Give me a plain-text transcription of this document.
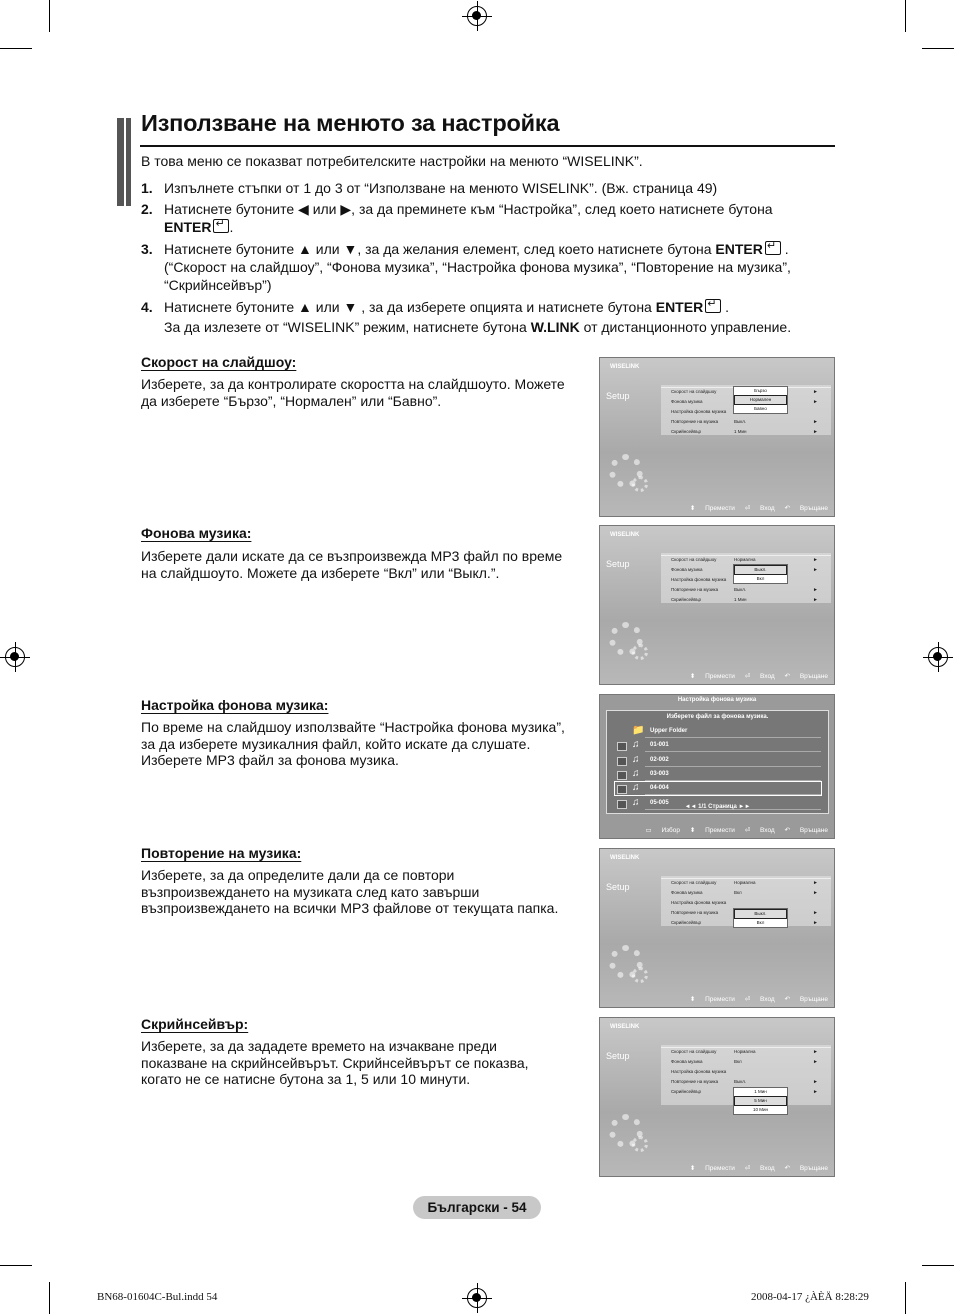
Използване на менюто за настройка
В това меню се показват потребителските настройки на менюто “WISELINK”.
1. Изпълнете стъпки от 1 до 3 от “Използване на менюто WISELINK”. (Вж. страница 49)
2. Натиснете бутоните ◀ или ▶, за да преминете към “Настройка”, след което натиснете бутона
ENTER ↵ .
3. Натиснете бутоните ▲ или ▼, за да желания елемент, след което натиснете бутона ENTER ↵ .
(“Скорост на слайдшоу”, “Фонова музика”, “Настройка фонова музика”, “Повторение на музика”,
“Скрийнсейвър”)
4. Натиснете бутоните ▲ или ▼ , за да изберете опцията и натиснете бутона ENTER ↵ .
За да излезете от “WISELINK” режим, натиснете бутона W.LINK от дистанционното управление.
Скорост на слайдшоу:
Изберете, за да контролирате скоростта на слайдшоуто. Можете
да изберете “Бързо”, “Нормален” или “Бавно”.
Фонова музика:
Изберете дали искате да се възпроизвежда MP3 файл по време
на слайдшоуто. Можете да изберете “Вкл” или “Выкл.”.
Настройка фонова музика:
По време на слайдшоу използвайте “Настройка фонова музика”,
за да изберете музикалния файл, който искате да слушате.
Изберете MP3 файл за фонова музика.
Повторение на музика:
Изберете, за да определите дали да се повтори
възпроизвеждането на музиката след като завърши
възпроизвеждането на всички MP3 файлове от текущата папка.
Скрийнсейвър:
Изберете, за да зададете времето на изчакване преди
показване на скрийнсейвърът. Скрийнсейвърът се показва,
когато не се натисне бутона за 1, 5 или 10 минути.
WISELINK
Setup	Скорост на слайдшоу	►
Фонова музика	►
Настройка фонова музика
Повторение на музика	Выкл.	►
Скрийнсейвър	1 Мин	►
Бързо
Нормален
Бавно
⬍ Премести ⏎ Вход ↶ Връщане
WISELINK
Setup	Скорост на слайдшоу	Нормална	►
Фонова музика	►
Настройка фонова музика
Повторение на музика	Выкл.	►
Скрийнсейвър	1 Мин	►
Выкл.
Вкл
⬍ Премести ⏎ Вход ↶ Връщане
Настройка фонова музика
Изберете файл за фонова музика.
📁 Upper Folder
♫ 01-001
♫ 02-002
♫ 03-003
♫ 04-004
♫ 05-005
◄◄ 1/1 Страница ►►
▭ Избор ⬍ Премести ⏎ Вход ↶ Връщане
WISELINK
Setup	Скорост на слайдшоу	Нормална	►
Фонова музика	Вкл	►
Настройка фонова музика
Повторение на музика	►
Скрийнсейвър	►
Выкл.
Вкл
⬍ Премести ⏎ Вход ↶ Връщане
WISELINK
Setup	Скорост на слайдшоу	Нормална	►
Фонова музика	Вкл	►
Настройка фонова музика
Повторение на музика	Выкл.	►
Скрийнсейвър	►
1 Мин
5 Мин
10 Мин
⬍ Премести ⏎ Вход ↶ Връщане
Български - 54
BN68-01604C-Bul.indd 54	2008-04-17 ¿ÀÈÄ 8:28:29
